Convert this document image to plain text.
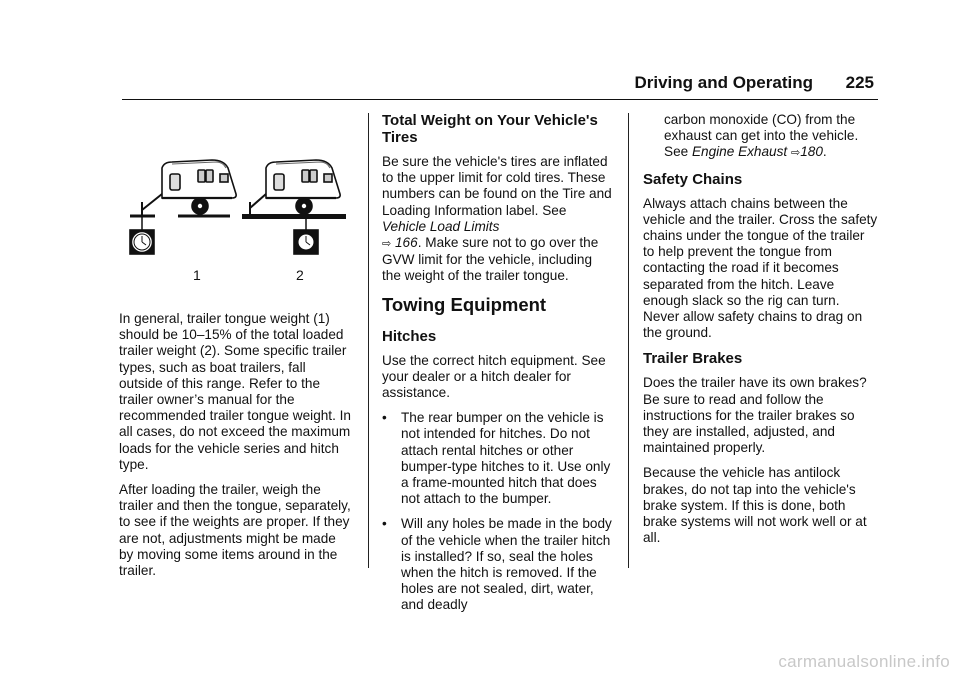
Driving and Operating 225
1	2

In general, trailer tongue weight (1) should be 10–15% of the total loaded trailer weight (2). Some specific trailer types, such as boat trailers, fall outside of this range. Refer to the trailer owner’s manual for the recommended trailer tongue weight. In all cases, do not exceed the maximum loads for the vehicle series and hitch type.

After loading the trailer, weigh the trailer and then the tongue, separately, to see if the weights are proper. If they are not, adjustments might be made by moving some items around in the trailer.

Total Weight on Your Vehicle's Tires

Be sure the vehicle's tires are inflated to the upper limit for cold tires. These numbers can be found on the Tire and Loading Information label. See Vehicle Load Limits
⇨ 166. Make sure not to go over the GVW limit for the vehicle, including the weight of the trailer tongue.

Towing Equipment
Hitches

Use the correct hitch equipment. See your dealer or a hitch dealer for assistance.

• The rear bumper on the vehicle is not intended for hitches. Do not attach rental hitches or other bumper-type hitches to it. Use only a frame-mounted hitch that does not attach to the bumper.
• Will any holes be made in the body of the vehicle when the trailer hitch is installed? If so, seal the holes when the hitch is removed. If the holes are not sealed, dirt, water, and deadly

carbon monoxide (CO) from the exhaust can get into the vehicle. See Engine Exhaust ⇨180.

Safety Chains

Always attach chains between the vehicle and the trailer. Cross the safety chains under the tongue of the trailer to help prevent the tongue from contacting the road if it becomes separated from the hitch. Leave enough slack so the rig can turn. Never allow safety chains to drag on the ground.

Trailer Brakes

Does the trailer have its own brakes? Be sure to read and follow the instructions for the trailer brakes so they are installed, adjusted, and maintained properly.

Because the vehicle has antilock brakes, do not tap into the vehicle's brake system. If this is done, both brake systems will not work well or at all.

carmanualsonline.info
